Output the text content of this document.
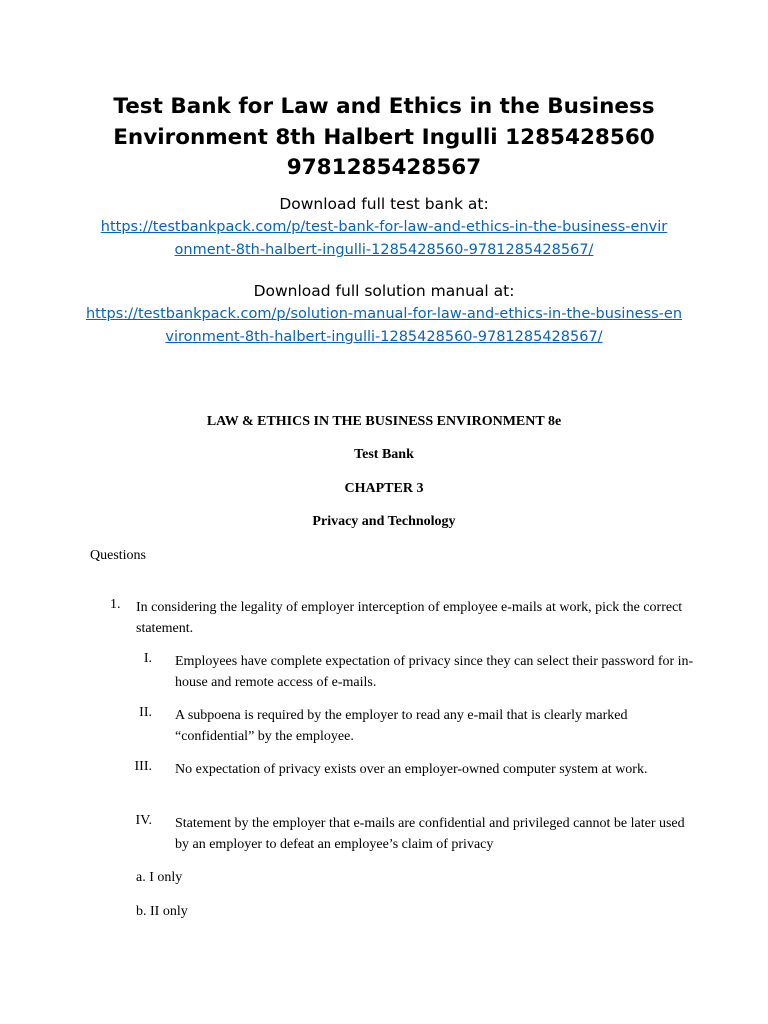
Test Bank for Law and Ethics in the Business Environment 8th Halbert Ingulli 1285428560 9781285428567
Download full test bank at:
https://testbankpack.com/p/test-bank-for-law-and-ethics-in-the-business-environment-8th-halbert-ingulli-1285428560-9781285428567/
Download full solution manual at:
https://testbankpack.com/p/solution-manual-for-law-and-ethics-in-the-business-environment-8th-halbert-ingulli-1285428560-9781285428567/
LAW & ETHICS IN THE BUSINESS ENVIRONMENT 8e
Test Bank
CHAPTER 3
Privacy and Technology
Questions
1. In considering the legality of employer interception of employee e-mails at work, pick the correct statement.
I. Employees have complete expectation of privacy since they can select their password for in-house and remote access of e-mails.
II. A subpoena is required by the employer to read any e-mail that is clearly marked “confidential” by the employee.
III. No expectation of privacy exists over an employer-owned computer system at work.
IV. Statement by the employer that e-mails are confidential and privileged cannot be later used by an employer to defeat an employee’s claim of privacy
a. I only
b. II only
